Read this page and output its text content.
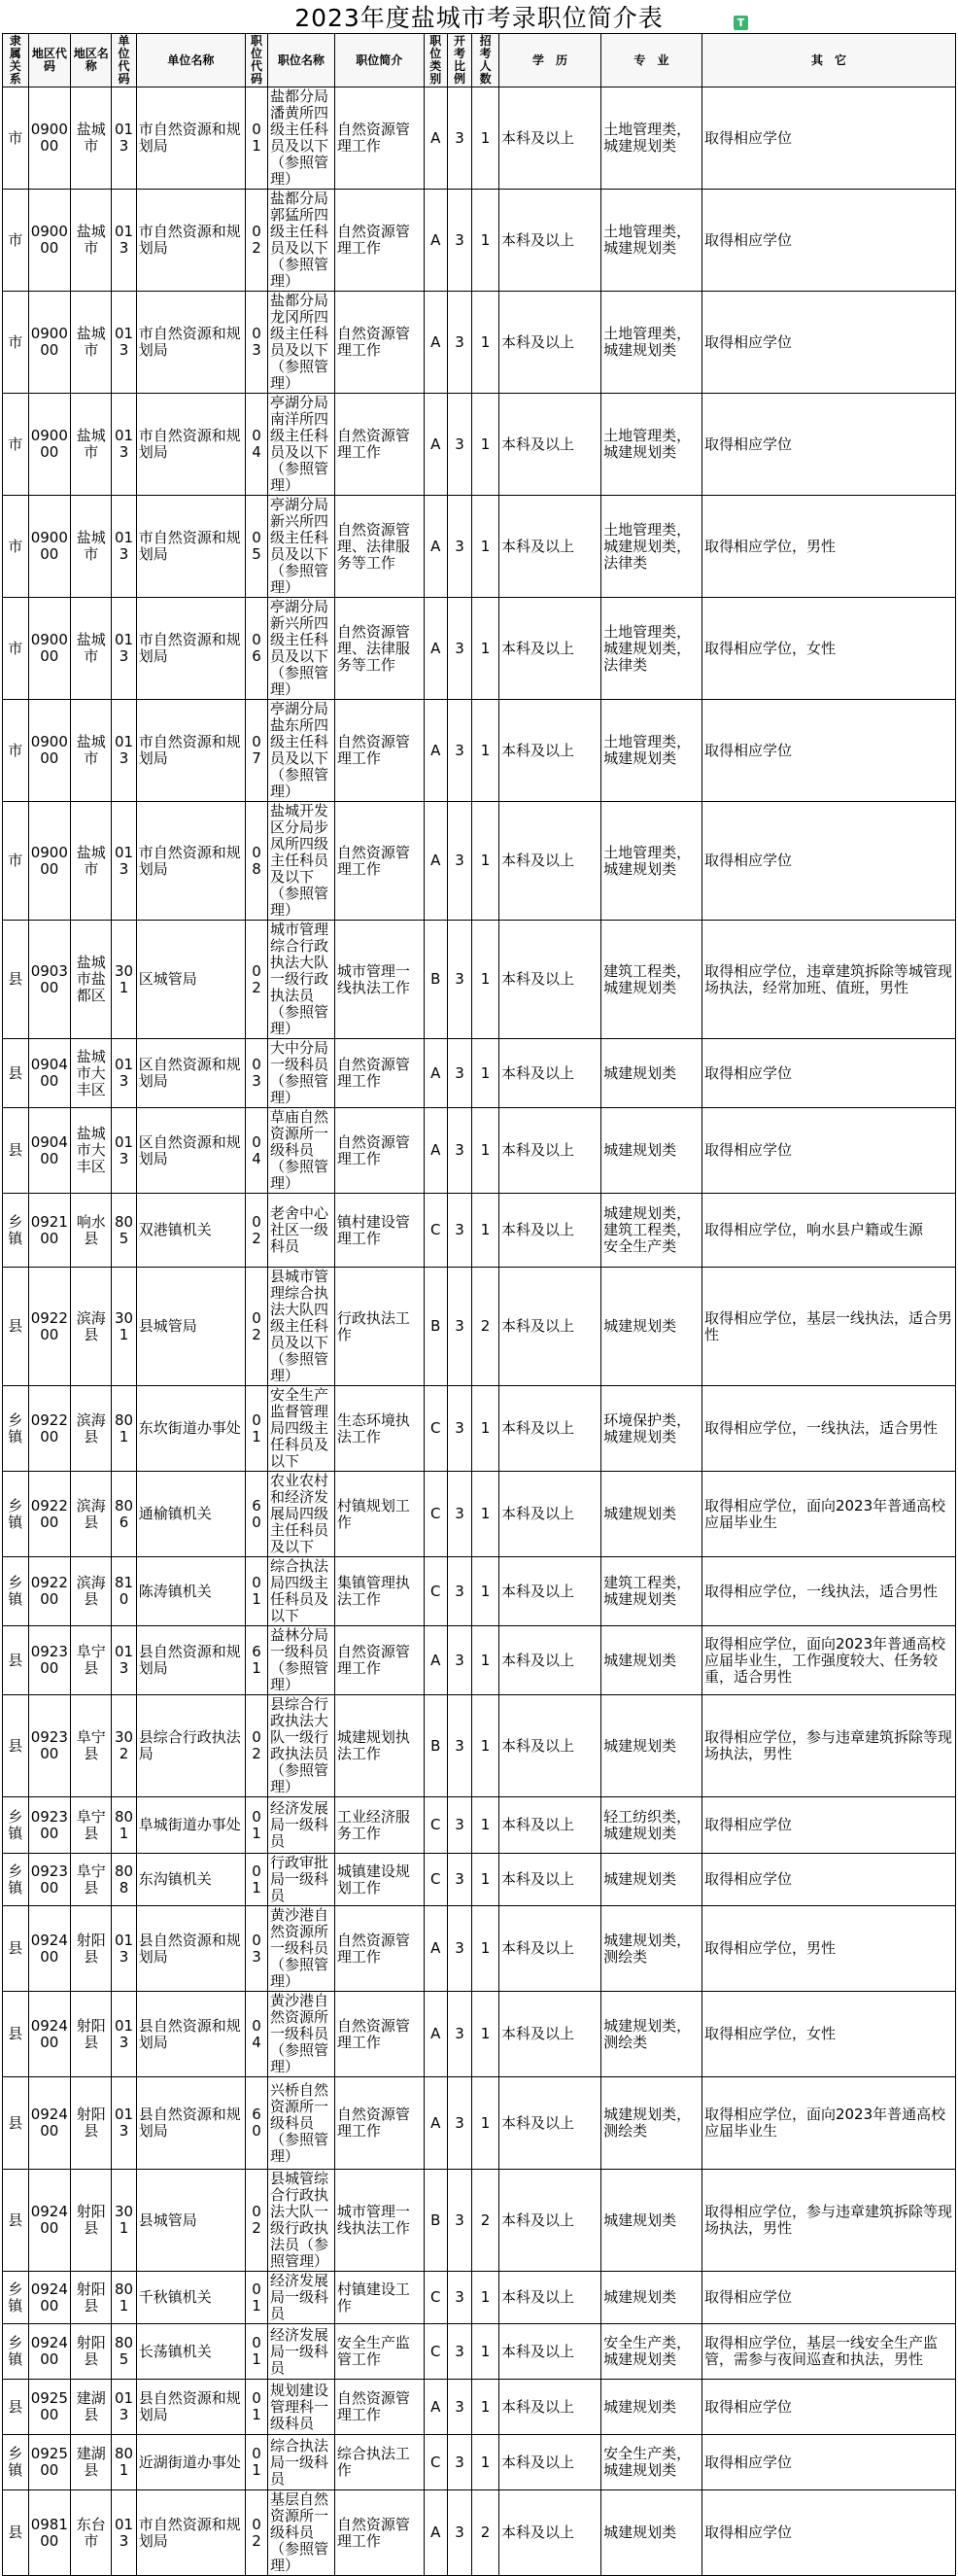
2023年度盐城市考录职位简介表	T
隶属关系	地区代码	地区名称	单位代码	单位名称	职位代码	职位名称	职位简介	职位类别	开考比例	招考人数	学　历	专　业	其　它
市	090000	盐城市	013	市自然资源和规划局	01	盐都分局潘黄所四级主任科员及以下（参照管理）	自然资源管理工作	A	3	1	本科及以上	土地管理类，城建规划类	取得相应学位
市	090000	盐城市	013	市自然资源和规划局	02	盐都分局郭猛所四级主任科员及以下（参照管理）	自然资源管理工作	A	3	1	本科及以上	土地管理类，城建规划类	取得相应学位
市	090000	盐城市	013	市自然资源和规划局	03	盐都分局龙冈所四级主任科员及以下（参照管理）	自然资源管理工作	A	3	1	本科及以上	土地管理类，城建规划类	取得相应学位
市	090000	盐城市	013	市自然资源和规划局	04	亭湖分局南洋所四级主任科员及以下（参照管理）	自然资源管理工作	A	3	1	本科及以上	土地管理类，城建规划类	取得相应学位
市	090000	盐城市	013	市自然资源和规划局	05	亭湖分局新兴所四级主任科员及以下（参照管理）	自然资源管理、法律服务等工作	A	3	1	本科及以上	土地管理类，城建规划类，法律类	取得相应学位，男性
市	090000	盐城市	013	市自然资源和规划局	06	亭湖分局新兴所四级主任科员及以下（参照管理）	自然资源管理、法律服务等工作	A	3	1	本科及以上	土地管理类，城建规划类，法律类	取得相应学位，女性
市	090000	盐城市	013	市自然资源和规划局	07	亭湖分局盐东所四级主任科员及以下（参照管理）	自然资源管理工作	A	3	1	本科及以上	土地管理类，城建规划类	取得相应学位
市	090000	盐城市	013	市自然资源和规划局	08	盐城开发区分局步凤所四级主任科员及以下（参照管理）	自然资源管理工作	A	3	1	本科及以上	土地管理类，城建规划类	取得相应学位
县	090300	盐城市盐都区	301	区城管局	02	城市管理综合行政执法大队一级行政执法员（参照管理）	城市管理一线执法工作	B	3	1	本科及以上	建筑工程类，城建规划类	取得相应学位，违章建筑拆除等城管现场执法，经常加班、值班，男性
县	090400	盐城市大丰区	013	区自然资源和规划局	03	大中分局一级科员（参照管理）	自然资源管理工作	A	3	1	本科及以上	城建规划类	取得相应学位
县	090400	盐城市大丰区	013	区自然资源和规划局	04	草庙自然资源所一级科员（参照管理）	自然资源管理工作	A	3	1	本科及以上	城建规划类	取得相应学位
乡镇	092100	响水县	805	双港镇机关	02	老舍中心社区一级科员	镇村建设管理工作	C	3	1	本科及以上	城建规划类，建筑工程类，安全生产类	取得相应学位，响水县户籍或生源
县	092200	滨海县	301	县城管局	02	县城市管理综合执法大队四级主任科员及以下（参照管理）	行政执法工作	B	3	2	本科及以上	城建规划类	取得相应学位，基层一线执法，适合男性
乡镇	092200	滨海县	801	东坎街道办事处	01	安全生产监督管理局四级主任科员及以下	生态环境执法工作	C	3	1	本科及以上	环境保护类，城建规划类	取得相应学位，一线执法，适合男性
乡镇	092200	滨海县	806	通榆镇机关	60	农业农村和经济发展局四级主任科员及以下	村镇规划工作	C	3	1	本科及以上	城建规划类	取得相应学位，面向2023年普通高校应届毕业生
乡镇	092200	滨海县	810	陈涛镇机关	01	综合执法局四级主任科员及以下	集镇管理执法工作	C	3	1	本科及以上	建筑工程类，城建规划类	取得相应学位，一线执法，适合男性
县	092300	阜宁县	013	县自然资源和规划局	61	益林分局一级科员（参照管理）	自然资源管理工作	A	3	1	本科及以上	城建规划类	取得相应学位，面向2023年普通高校应届毕业生，工作强度较大、任务较重，适合男性
县	092300	阜宁县	302	县综合行政执法局	02	县综合行政执法大队一级行政执法员（参照管理）	城建规划执法工作	B	3	1	本科及以上	城建规划类	取得相应学位，参与违章建筑拆除等现场执法，男性
乡镇	092300	阜宁县	801	阜城街道办事处	01	经济发展局一级科员	工业经济服务工作	C	3	1	本科及以上	轻工纺织类，城建规划类	取得相应学位
乡镇	092300	阜宁县	808	东沟镇机关	01	行政审批局一级科员	城镇建设规划工作	C	3	1	本科及以上	城建规划类	取得相应学位
县	092400	射阳县	013	县自然资源和规划局	03	黄沙港自然资源所一级科员（参照管理）	自然资源管理工作	A	3	1	本科及以上	城建规划类，测绘类	取得相应学位，男性
县	092400	射阳县	013	县自然资源和规划局	04	黄沙港自然资源所一级科员（参照管理）	自然资源管理工作	A	3	1	本科及以上	城建规划类，测绘类	取得相应学位，女性
县	092400	射阳县	013	县自然资源和规划局	60	兴桥自然资源所一级科员（参照管理）	自然资源管理工作	A	3	1	本科及以上	城建规划类，测绘类	取得相应学位，面向2023年普通高校应届毕业生
县	092400	射阳县	301	县城管局	02	县城管综合行政执法大队一级行政执法员（参照管理）	城市管理一线执法工作	B	3	2	本科及以上	城建规划类	取得相应学位，参与违章建筑拆除等现场执法，男性
乡镇	092400	射阳县	801	千秋镇机关	01	经济发展局一级科员	村镇建设工作	C	3	1	本科及以上	城建规划类	取得相应学位
乡镇	092400	射阳县	805	长荡镇机关	01	经济发展局一级科员	安全生产监管工作	C	3	1	本科及以上	安全生产类，城建规划类	取得相应学位，基层一线安全生产监管，需参与夜间巡查和执法，男性
县	092500	建湖县	013	县自然资源和规划局	01	规划建设管理科一级科员	自然资源管理工作	A	3	1	本科及以上	城建规划类	取得相应学位
乡镇	092500	建湖县	801	近湖街道办事处	01	综合执法局一级科员	综合执法工作	C	3	1	本科及以上	安全生产类，城建规划类	取得相应学位
县	098100	东台市	013	市自然资源和规划局	02	基层自然资源所一级科员（参照管理）	自然资源管理工作	A	3	2	本科及以上	城建规划类	取得相应学位
